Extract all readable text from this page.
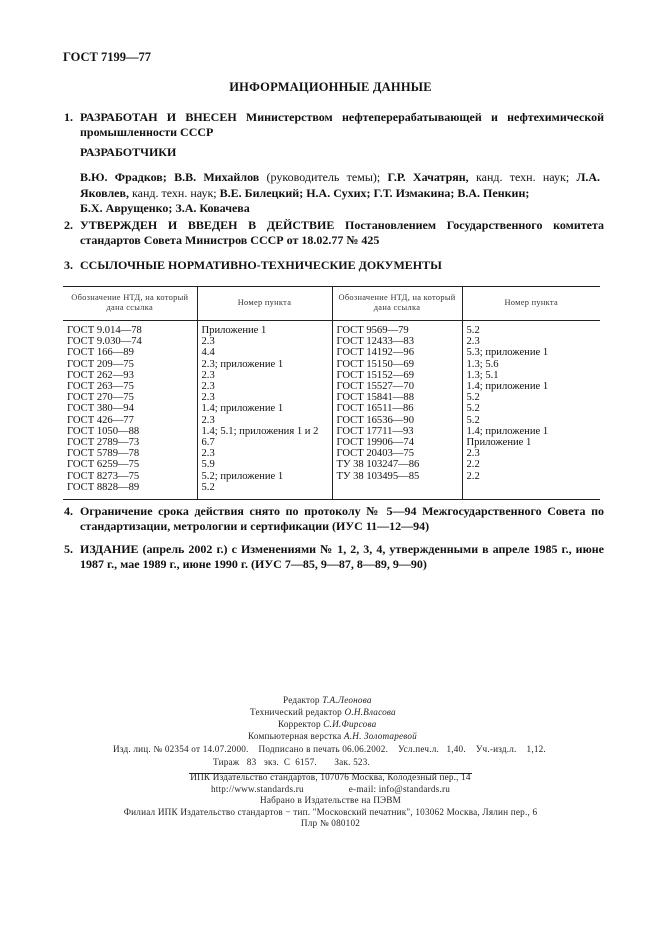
ГОСТ 7199—77
ИНФОРМАЦИОННЫЕ ДАННЫЕ
1. РАЗРАБОТАН И ВНЕСЕН Министерством нефтеперерабатывающей и нефтехимической промышленности СССР
РАЗРАБОТЧИКИ
В.Ю. Фрадков; В.В. Михайлов (руководитель темы); Г.Р. Хачатрян, канд. техн. наук; Л.А. Яковлев, канд. техн. наук; В.Е. Билецкий; Н.А. Сухих; Г.Т. Измакина; В.А. Пенкин;
Б.Х. Аврущенко; З.А. Ковачева
2. УТВЕРЖДЕН И ВВЕДЕН В ДЕЙСТВИЕ Постановлением Государственного комитета стандартов Совета Министров СССР от 18.02.77 № 425
3. ССЫЛОЧНЫЕ НОРМАТИВНО-ТЕХНИЧЕСКИЕ ДОКУМЕНТЫ
Обозначение НТД, на который дана ссылка	Номер пункта	Обозначение НТД, на который дана ссылка	Номер пункта
ГОСТ 9.014—78	Приложение 1	ГОСТ 9569—79	5.2
ГОСТ 9.030—74	2.3	ГОСТ 12433—83	2.3
ГОСТ 166—89	4.4	ГОСТ 14192—96	5.3; приложение 1
ГОСТ 209—75	2.3; приложение 1	ГОСТ 15150—69	1.3; 5.6
ГОСТ 262—93	2.3	ГОСТ 15152—69	1.3; 5.1
ГОСТ 263—75	2.3	ГОСТ 15527—70	1.4; приложение 1
ГОСТ 270—75	2.3	ГОСТ 15841—88	5.2
ГОСТ 380—94	1.4; приложение 1	ГОСТ 16511—86	5.2
ГОСТ 426—77	2.3	ГОСТ 16536—90	5.2
ГОСТ 1050—88	1.4; 5.1; приложения 1 и 2	ГОСТ 17711—93	1.4; приложение 1
ГОСТ 2789—73	6.7	ГОСТ 19906—74	Приложение 1
ГОСТ 5789—78	2.3	ГОСТ 20403—75	2.3
ГОСТ 6259—75	5.9	ТУ 38 103247—86	2.2
ГОСТ 8273—75	5.2; приложение 1	ТУ 38 103495—85	2.2
ГОСТ 8828—89	5.2		
4. Ограничение срока действия снято по протоколу № 5—94 Межгосударственного Совета по стандартизации, метрологии и сертификации (ИУС 11—12—94)
5. ИЗДАНИЕ (апрель 2002 г.) с Изменениями № 1, 2, 3, 4, утвержденными в апреле 1985 г., июне 1987 г., мае 1989 г., июне 1990 г. (ИУС 7—85, 9—87, 8—89, 9—90)
Редактор Т.А.Леонова
Технический редактор О.Н.Власова
Корректор С.И.Фирсова
Компьютерная верстка А.Н. Золотаревой
Изд. лиц. № 02354 от 14.07.2000.    Подписано в печать 06.06.2002.    Усл.печ.л.   1,40.    Уч.-изд.л.    1,12.
Тираж   83   экз.  С  6157.       Зак. 523.
ИПК Издательство стандартов, 107076 Москва, Колодезный пер., 14
http://www.standards.ru	e-mail: info@standards.ru
Набрано в Издательстве на ПЭВМ
Филиал ИПК Издательство стандартов − тип. "Московский печатник", 103062 Москва, Лялин пер., 6
Плр № 080102
